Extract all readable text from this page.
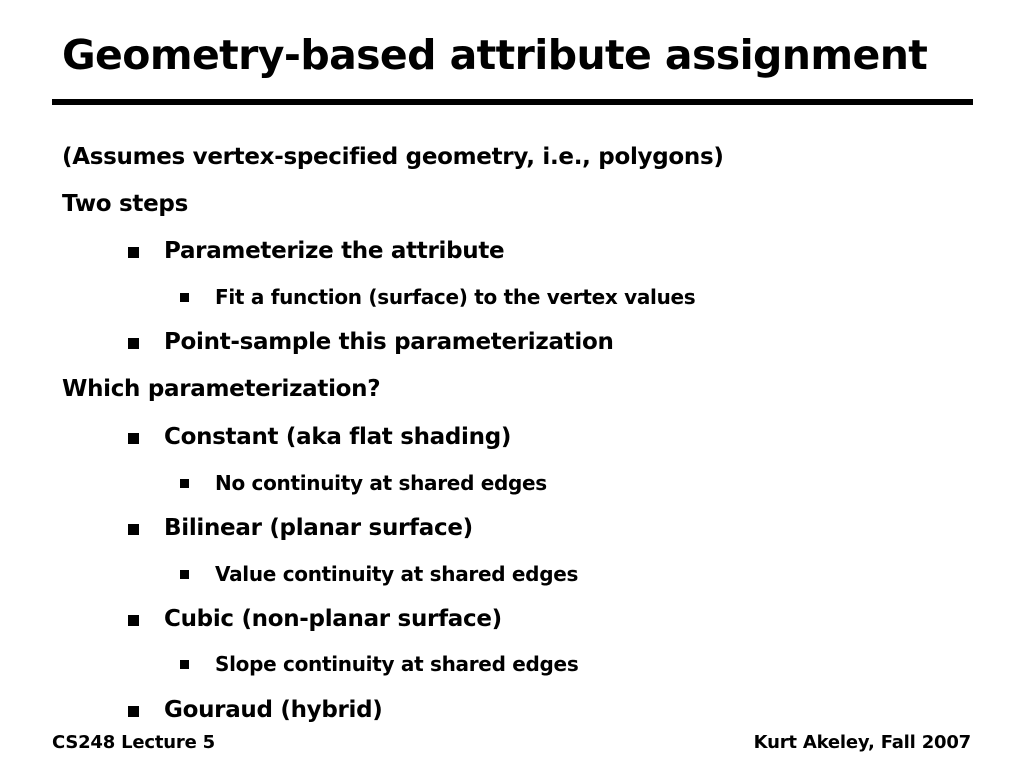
Geometry-based attribute assignment
(Assumes vertex-specified geometry, i.e., polygons)
Two steps
Parameterize the attribute
Fit a function (surface) to the vertex values
Point-sample this parameterization
Which parameterization?
Constant (aka flat shading)
No continuity at shared edges
Bilinear (planar surface)
Value continuity at shared edges
Cubic (non-planar surface)
Slope continuity at shared edges
Gouraud (hybrid)
CS248 Lecture 5	Kurt Akeley, Fall 2007
